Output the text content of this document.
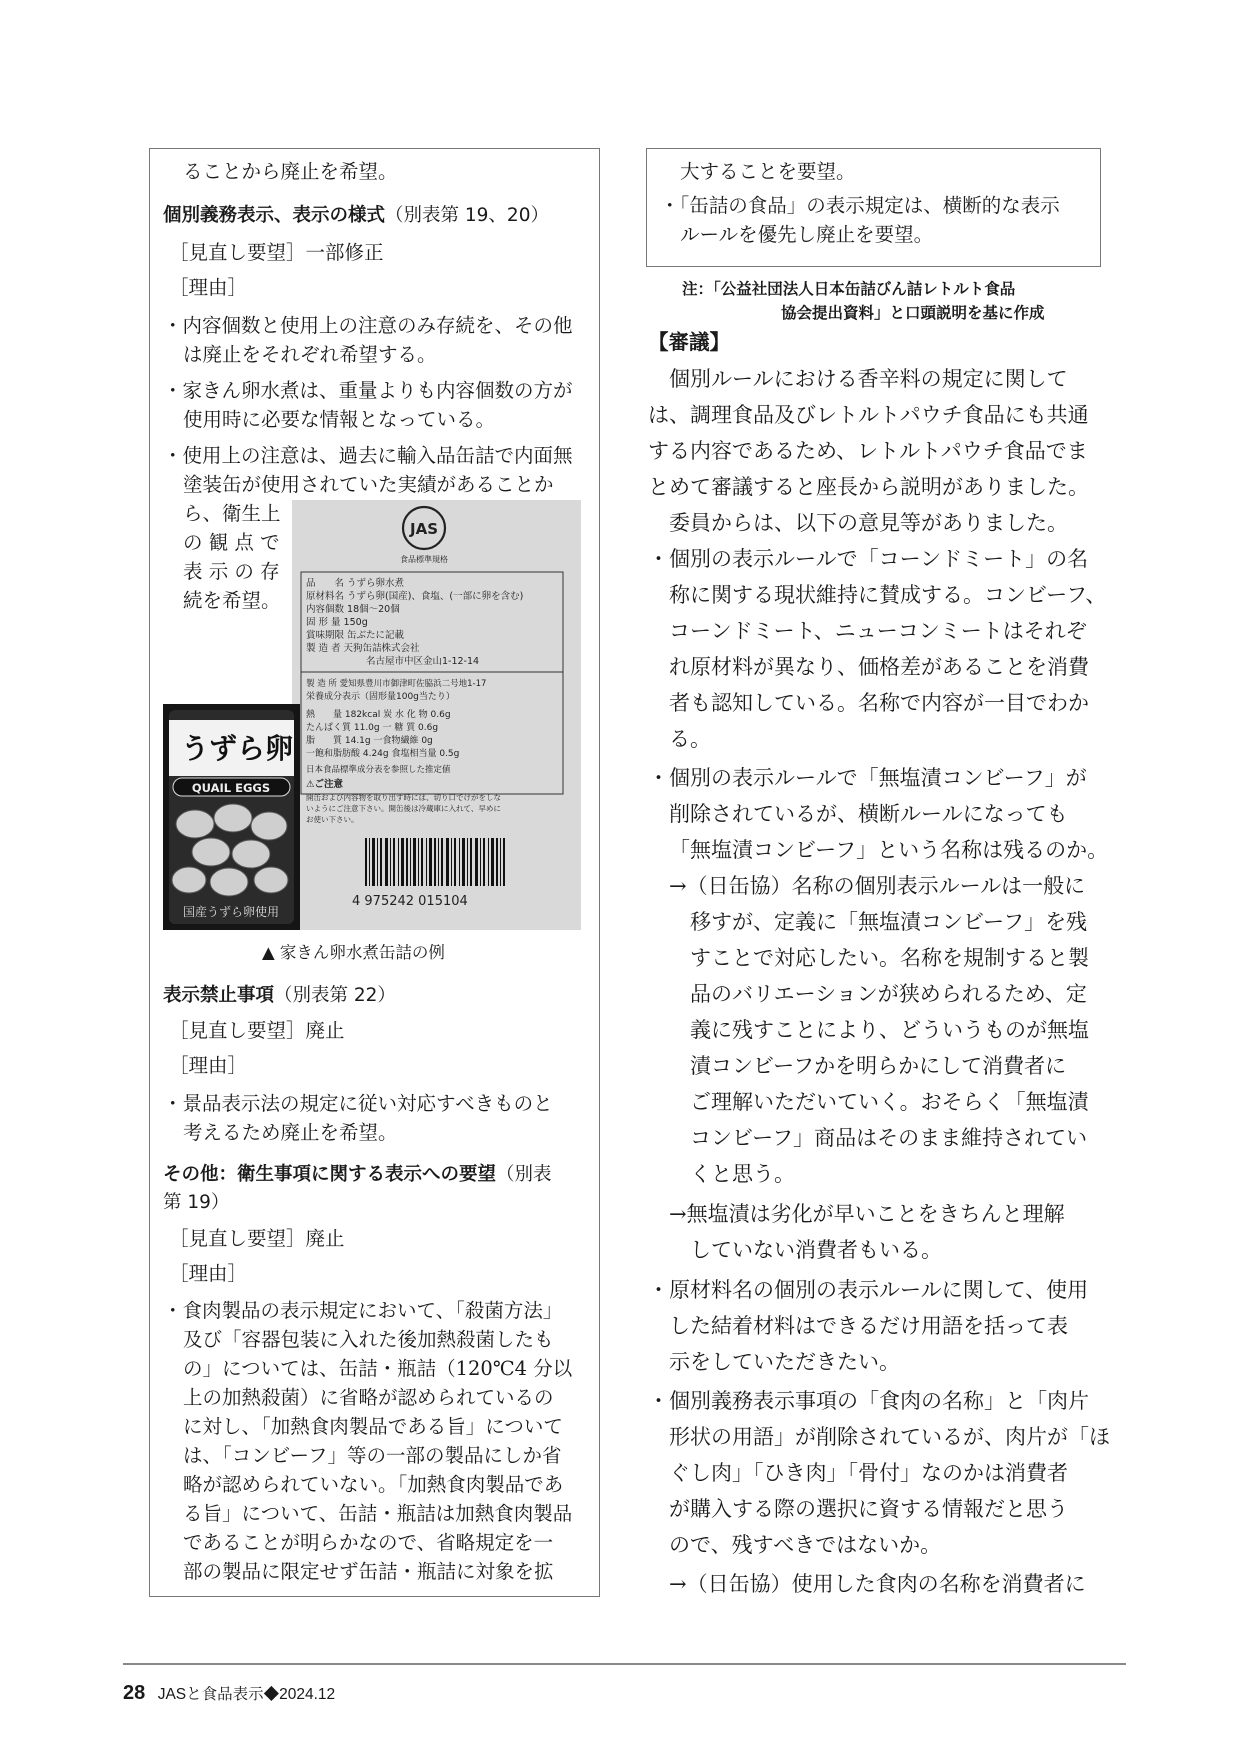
ることから廃止を希望。
個別義務表示、表示の様式（別表第 19、20）
［見直し要望］一部修正
［理由］
・内容個数と使用上の注意のみ存続を、その他
は廃止をそれぞれ希望する。
・家きん卵水煮は、重量よりも内容個数の方が
使用時に必要な情報となっている。
・使用上の注意は、過去に輸入品缶詰で内面無
塗装缶が使用されていた実績があることか
ら、衛生上
の 観 点 で
表 示 の 存
続を希望。
JAS
食品標準規格
品　　名 うずら卵水煮
原材料名 うずら卵(国産)、食塩、(一部に卵を含む)
内容個数 18個〜20個
固 形 量 150g
賞味期限 缶ぶたに記載
製 造 者 天狗缶詰株式会社
名古屋市中区金山1-12-14
製 造 所 愛知県豊川市御津町佐脇浜二号地1-17
栄養成分表示（固形量100g当たり）
熱　　量 182kcal 炭 水 化 物 0.6g
たんぱく質 11.0g 一 糖 質 0.6g
脂　　質 14.1g 一食物繊維 0g
一飽和脂肪酸 4.24g 食塩相当量 0.5g
日本食品標準成分表を参照した推定値
⚠ご注意
開缶および内容物を取り出す時には、切り口でけがをしな
いようにご注意下さい。開缶後は冷蔵庫に入れて、早めに
お使い下さい。
4 975242 015104
うずら卵
QUAIL EGGS
国産うずら卵使用
▲ 家きん卵水煮缶詰の例
表示禁止事項（別表第 22）
［見直し要望］廃止
［理由］
・景品表示法の規定に従い対応すべきものと
考えるため廃止を希望。
その他：衛生事項に関する表示への要望（別表
第 19）
［見直し要望］廃止
［理由］
・食肉製品の表示規定において、「殺菌方法」
及び「容器包装に入れた後加熱殺菌したも
の」については、缶詰・瓶詰（120℃4 分以
上の加熱殺菌）に省略が認められているの
に対し、「加熱食肉製品である旨」について
は、「コンビーフ」等の一部の製品にしか省
略が認められていない。「加熱食肉製品であ
る旨」について、缶詰・瓶詰は加熱食肉製品
であることが明らかなので、省略規定を一
部の製品に限定せず缶詰・瓶詰に対象を拡
大することを要望。
・「缶詰の食品」の表示規定は、横断的な表示
ルールを優先し廃止を要望。
注：「公益社団法人日本缶詰びん詰レトルト食品
協会提出資料」と口頭説明を基に作成
【審議】
個別ルールにおける香辛料の規定に関して
は、調理食品及びレトルトパウチ食品にも共通
する内容であるため、レトルトパウチ食品でま
とめて審議すると座長から説明がありました。
委員からは、以下の意見等がありました。
・個別の表示ルールで「コーンドミート」の名
称に関する現状維持に賛成する。コンビーフ、
コーンドミート、ニューコンミートはそれぞ
れ原材料が異なり、価格差があることを消費
者も認知している。名称で内容が一目でわか
る。
・個別の表示ルールで「無塩漬コンビーフ」が
削除されているが、横断ルールになっても
「無塩漬コンビーフ」という名称は残るのか。
→（日缶協）名称の個別表示ルールは一般に
移すが、定義に「無塩漬コンビーフ」を残
すことで対応したい。名称を規制すると製
品のバリエーションが狭められるため、定
義に残すことにより、どういうものが無塩
漬コンビーフかを明らかにして消費者に
ご理解いただいていく。おそらく「無塩漬
コンビーフ」商品はそのまま維持されてい
くと思う。
→無塩漬は劣化が早いことをきちんと理解
していない消費者もいる。
・原材料名の個別の表示ルールに関して、使用
した結着材料はできるだけ用語を括って表
示をしていただきたい。
・個別義務表示事項の「食肉の名称」と「肉片
形状の用語」が削除されているが、肉片が「ほ
ぐし肉」「ひき肉」「骨付」なのかは消費者
が購入する際の選択に資する情報だと思う
ので、残すべきではないか。
→（日缶協）使用した食肉の名称を消費者に
28 JASと食品表示◆2024.12
